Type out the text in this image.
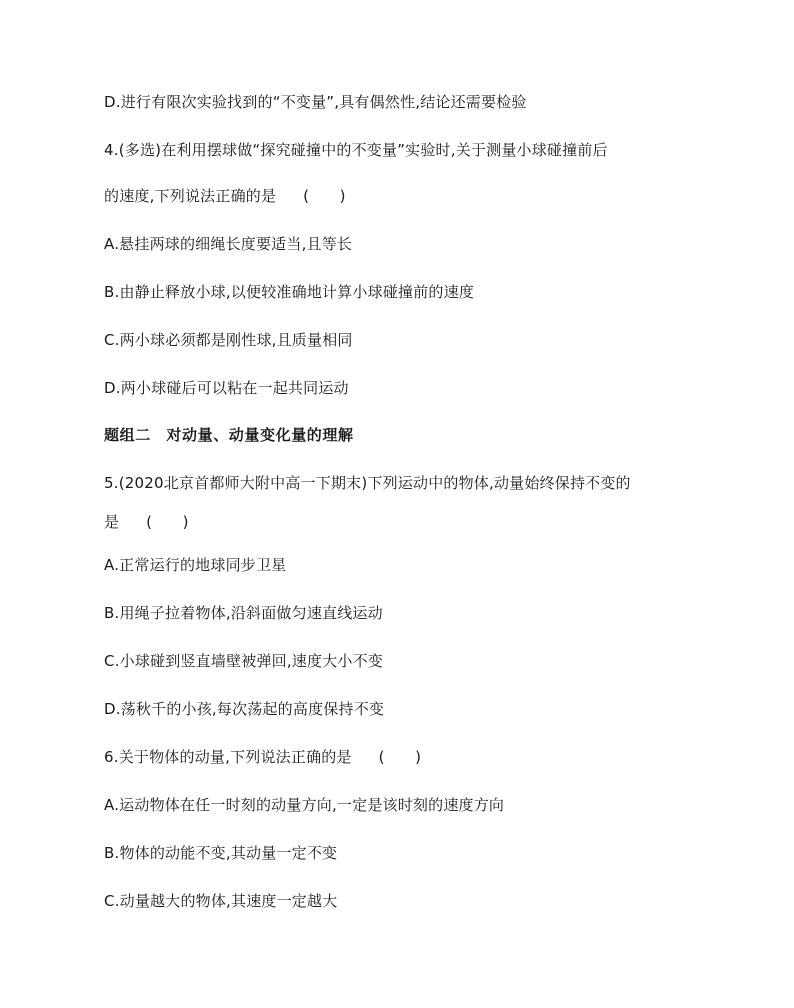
D.进行有限次实验找到的“不变量”,具有偶然性,结论还需要检验
4.(多选)在利用摆球做“探究碰撞中的不变量”实验时,关于测量小球碰撞前后
的速度,下列说法正确的是 (　　)
A.悬挂两球的细绳长度要适当,且等长
B.由静止释放小球,以便较准确地计算小球碰撞前的速度
C.两小球必须都是刚性球,且质量相同
D.两小球碰后可以粘在一起共同运动
题组二　对动量、动量变化量的理解
5.(2020北京首都师大附中高一下期末)下列运动中的物体,动量始终保持不变的
是 (　　)
A.正常运行的地球同步卫星
B.用绳子拉着物体,沿斜面做匀速直线运动
C.小球碰到竖直墙壁被弹回,速度大小不变
D.荡秋千的小孩,每次荡起的高度保持不变
6.关于物体的动量,下列说法正确的是 (　　)
A.运动物体在任一时刻的动量方向,一定是该时刻的速度方向
B.物体的动能不变,其动量一定不变
C.动量越大的物体,其速度一定越大
